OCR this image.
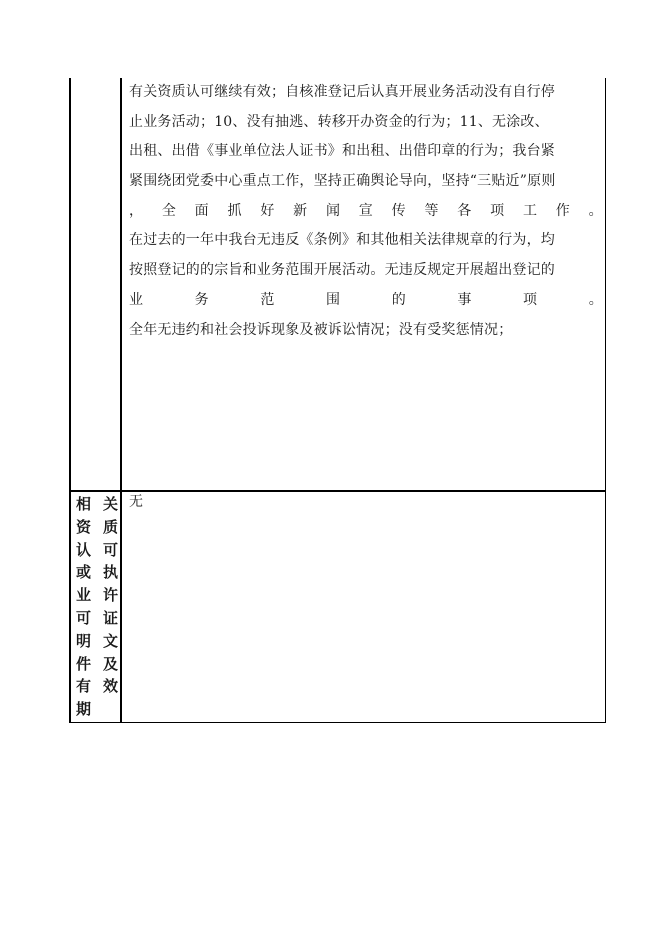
有关资质认可继续有效；自核准登记后认真开展业务活动没有自行停
止业务活动；10、没有抽逃、转移开办资金的行为；11、无涂改、
出租、出借《事业单位法人证书》和出租、出借印章的行为；我台紧
紧围绕团党委中心重点工作，坚持正确舆论导向，坚持“三贴近”原则
， 全 面 抓 好 新 闻 宣 传 等 各 项 工 作 。
在过去的一年中我台无违反《条例》和其他相关法律规章的行为，均
按照登记的的宗旨和业务范围开展活动。无违反规定开展超出登记的
业	务	范	围	的	事	项	。
全年无违约和社会投诉现象及被诉讼情况；没有受奖惩情况；
相 关
资 质
认 可
或 执
业 许
可 证
明 文
件 及
有 效
期
无
